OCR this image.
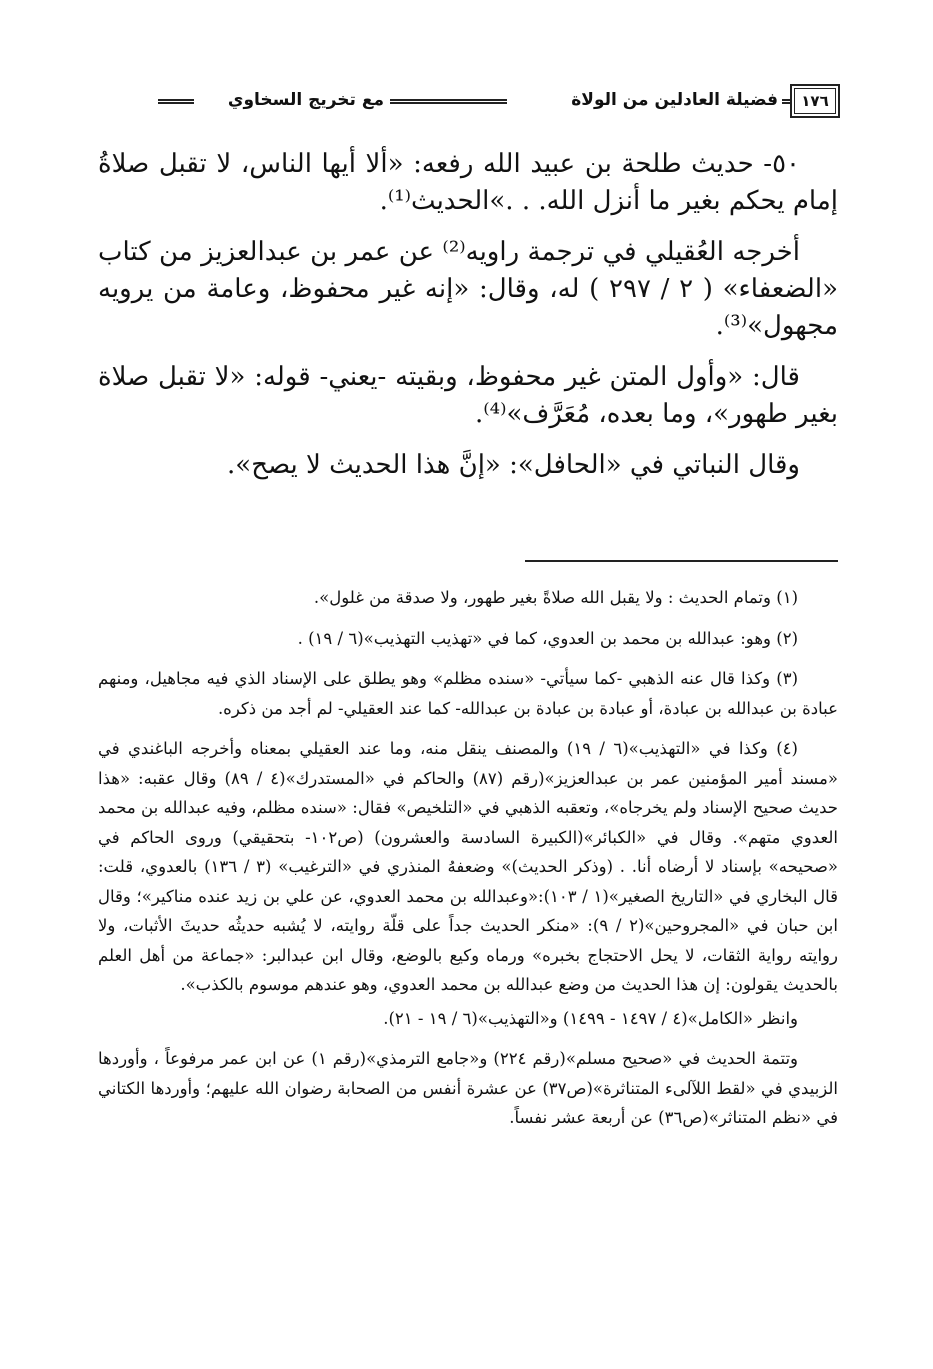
١٧٦
فضيلة العادلين من الولاة
مع تخريج السخاوي

٥٠- حديث طلحة بن عبيد الله رفعه: «ألا أيها الناس، لا تقبل صلاةُ إمام يحكم بغير ما أنزل الله. . .»الحديث⁽¹⁾.

أخرجه العُقيلي في ترجمة راويه⁽²⁾ عن عمر بن عبدالعزيز من كتاب «الضعفاء» ( ٢ / ٢٩٧ ) له، وقال: «إنه غير محفوظ، وعامة من يرويه مجهول»⁽³⁾.

قال: «وأول المتن غير محفوظ، وبقيته -يعني- قوله: «لا تقبل صلاة بغير طهور»، وما بعده، مُعَرَّف»⁽⁴⁾.

وقال النباتي في «الحافل»: «إنَّ هذا الحديث لا يصح».

(١) وتمام الحديث : ولا يقبل الله صلاةً بغير طهور، ولا صدقة من غلول».

(٢) وهو: عبدالله بن محمد بن العدوي، كما في «تهذيب التهذيب»(٦ / ١٩) .

(٣) وكذا قال عنه الذهبي -كما سيأتي- «سنده مظلم» وهو يطلق على الإسناد الذي فيه مجاهيل، ومنهم عبادة بن عبدالله بن عبادة، أو عبادة بن عبادة بن عبدالله- كما عند العقيلي- لم أجد من ذكره.

(٤) وكذا في «التهذيب»(٦ / ١٩) والمصنف ينقل منه، وما عند العقيلي بمعناه وأخرجه الباغندي في «مسند أمير المؤمنين عمر بن عبدالعزيز»(رقم (٨٧) والحاكم في «المستدرك»(٤ / ٨٩) وقال عقبه: «هذا حديث صحيح الإسناد ولم يخرجاه»، وتعقبه الذهبي في «التلخيص» فقال: «سنده مظلم، وفيه عبدالله بن محمد العدوي متهم». وقال في «الكبائر»(الكبيرة السادسة والعشرون) (ص١٠٢- بتحقيقي) وروى الحاكم في «صحيحه» بإسناد لا أرضاه أنا. . (وذكر الحديث)» وضعفهُ المنذري في «الترغيب» (٣ / ١٣٦) بالعدوي، قلت: قال البخاري في «التاريخ الصغير»(١ / ١٠٣):«وعبدالله بن محمد العدوي، عن علي بن زيد عنده مناكير»؛ وقال ابن حبان في «المجروحين»(٢ / ٩): «منكر الحديث جداً على قلّة روايته، لا يُشبه حديثُه حديثَ الأثبات، ولا روايته رواية الثقات، لا يحل الاحتجاج بخبره» ورماه وكيع بالوضع، وقال ابن عبدالبر: «جماعة من أهل العلم بالحديث يقولون: إن هذا الحديث من وضع عبدالله بن محمد العدوي، وهو عندهم موسوم بالكذب».

وانظر «الكامل»(٤ / ١٤٩٧ - ١٤٩٩) و«التهذيب»(٦ / ١٩ - ٢١).

وتتمة الحديث في «صحيح مسلم»(رقم ٢٢٤) و«جامع الترمذي»(رقم ١) عن ابن عمر مرفوعاً ، وأوردها الزبيدي في «لقط اللآلىء المتناثرة»(ص٣٧) عن عشرة أنفس من الصحابة رضوان الله عليهم؛ وأوردها الكتاني في «نظم المتناثر»(ص٣٦) عن أربعة عشر نفساً.
